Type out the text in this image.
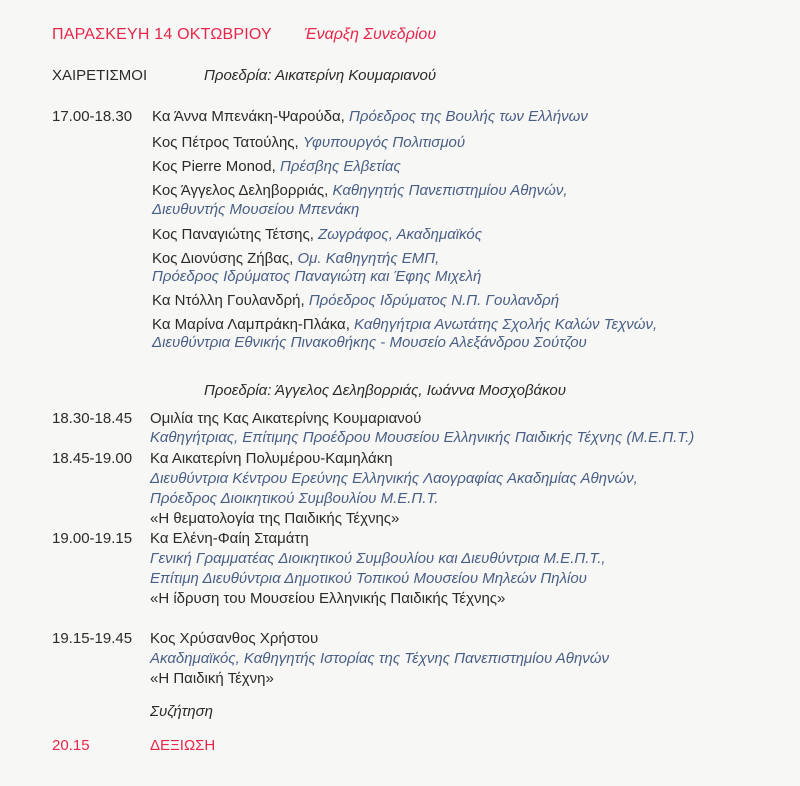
ΠΑΡΑΣΚΕΥΗ 14 ΟΚΤΩΒΡΙΟΥ Έναρξη Συνεδρίου
ΧΑΙΡΕΤΙΣΜΟΙ	Προεδρία: Αικατερίνη Κουμαριανού
17.00-18.30 Κα Άννα Μπενάκη-Ψαρούδα, Πρόεδρος της Βουλής των Ελλήνων
Κος Πέτρος Τατούλης, Υφυπουργός Πολιτισμού
Κος Pierre Monod, Πρέσβης Ελβετίας
Κος Άγγελος Δεληβορριάς, Καθηγητής Πανεπιστημίου Αθηνών,
Διευθυντής Μουσείου Μπενάκη
Κος Παναγιώτης Τέτσης, Ζωγράφος, Ακαδημαϊκός
Κος Διονύσης Ζήβας, Ομ. Καθηγητής ΕΜΠ,
Πρόεδρος Ιδρύματος Παναγιώτη και Έφης Μιχελή
Κα Ντόλλη Γουλανδρή, Πρόεδρος Ιδρύματος Ν.Π. Γουλανδρή
Κα Μαρίνα Λαμπράκη-Πλάκα, Καθηγήτρια Ανωτάτης Σχολής Καλών Τεχνών,
Διευθύντρια Εθνικής Πινακοθήκης - Μουσείο Αλεξάνδρου Σούτζου
Προεδρία: Άγγελος Δεληβορριάς, Ιωάννα Μοσχοβάκου
18.30-18.45 Ομιλία της Κας Αικατερίνης Κουμαριανού
Καθηγήτριας, Επίτιμης Προέδρου Μουσείου Ελληνικής Παιδικής Τέχνης (Μ.Ε.Π.Τ.)
18.45-19.00 Κα Αικατερίνη Πολυμέρου-Καμηλάκη
Διευθύντρια Κέντρου Ερεύνης Ελληνικής Λαογραφίας Ακαδημίας Αθηνών,
Πρόεδρος Διοικητικού Συμβουλίου Μ.Ε.Π.Τ.
«Η θεματολογία της Παιδικής Τέχνης»
19.00-19.15 Κα Ελένη-Φαίη Σταμάτη
Γενική Γραμματέας Διοικητικού Συμβουλίου και Διευθύντρια Μ.Ε.Π.Τ.,
Επίτιμη Διευθύντρια Δημοτικού Τοπικού Μουσείου Μηλεών Πηλίου
«Η ίδρυση του Μουσείου Ελληνικής Παιδικής Τέχνης»
19.15-19.45 Κος Χρύσανθος Χρήστου
Ακαδημαϊκός, Καθηγητής Ιστορίας της Τέχνης Πανεπιστημίου Αθηνών
«Η Παιδική Τέχνη»
Συζήτηση
20.15	ΔΕΞΙΩΣΗ
